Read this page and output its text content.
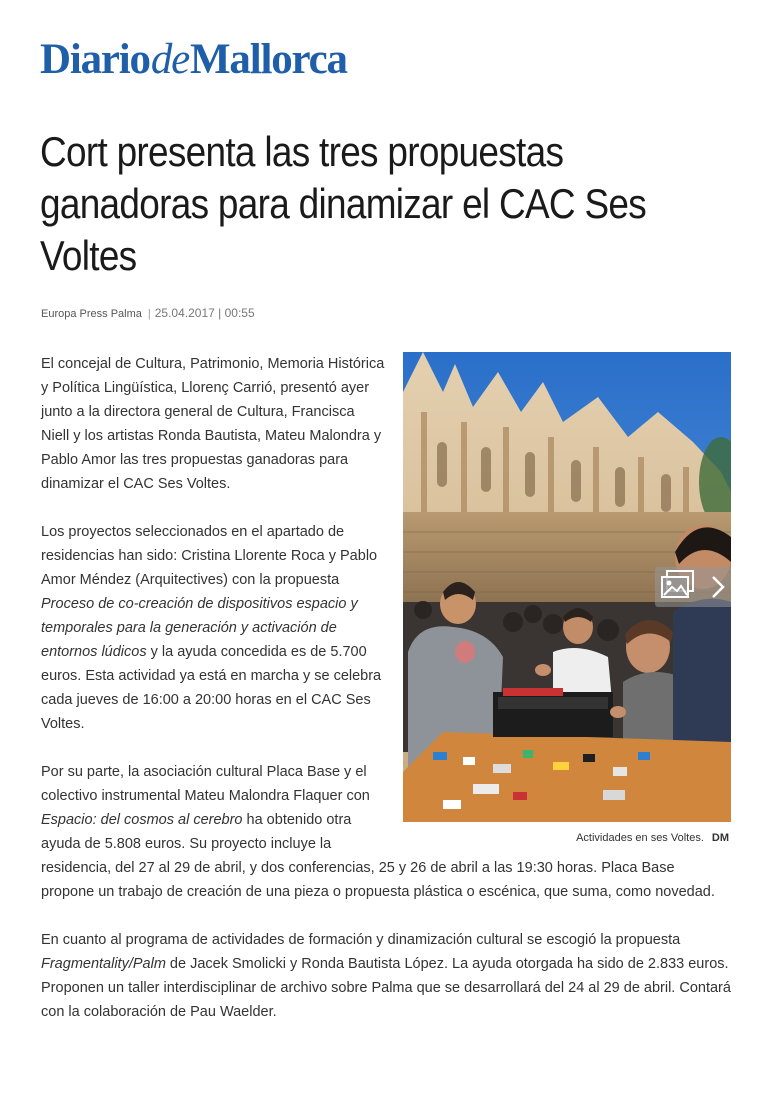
DiariodeMallorca
Cort presenta las tres propuestas ganadoras para dinamizar el CAC Ses Voltes
Europa Press Palma | 25.04.2017 | 00:55
Actividades en ses Voltes. DM

El concejal de Cultura, Patrimonio, Memoria Histórica y Política Lingüística, Llorenç Carrió, presentó ayer junto a la directora general de Cultura, Francisca Niell y los artistas Ronda Bautista, Mateu Malondra y Pablo Amor las tres propuestas ganadoras para dinamizar el CAC Ses Voltes.

Los proyectos seleccionados en el apartado de residencias han sido: Cristina Llorente Roca y Pablo Amor Méndez (Arquitectives) con la propuesta Proceso de co-creación de dispositivos espacio y temporales para la generación y activación de entornos lúdicos y la ayuda concedida es de 5.700 euros. Esta actividad ya está en marcha y se celebra cada jueves de 16:00 a 20:00 horas en el CAC Ses Voltes.

Por su parte, la asociación cultural Placa Base y el colectivo instrumental Mateu Malondra Flaquer con Espacio: del cosmos al cerebro ha obtenido otra ayuda de 5.808 euros. Su proyecto incluye la residencia, del 27 al 29 de abril, y dos conferencias, 25 y 26 de abril a las 19:30 horas. Placa Base propone un trabajo de creación de una pieza o propuesta plástica o escénica, que suma, como novedad.

En cuanto al programa de actividades de formación y dinamización cultural se escogió la propuesta Fragmentality/Palm de Jacek Smolicki y Ronda Bautista López. La ayuda otorgada ha sido de 2.833 euros. Proponen un taller interdisciplinar de archivo sobre Palma que se desarrollará del 24 al 29 de abril. Contará con la colaboración de Pau Waelder.
